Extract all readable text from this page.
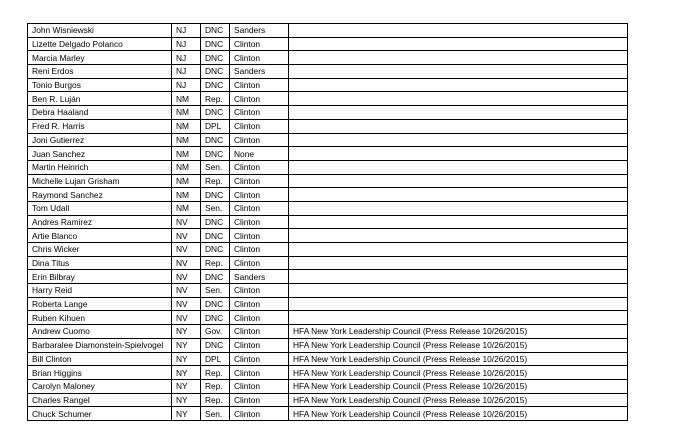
John Wisniewski	NJ	DNC	Sanders	
Lizette Delgado Polanco	NJ	DNC	Clinton	
Marcia Marley	NJ	DNC	Clinton	
Reni Erdos	NJ	DNC	Sanders	
Tonio Burgos	NJ	DNC	Clinton	
Ben R. Luján	NM	Rep.	Clinton	
Debra Haaland	NM	DNC	Clinton	
Fred R. Harris	NM	DPL	Clinton	
Joni Gutierrez	NM	DNC	Clinton	
Juan Sanchez	NM	DNC	None	
Martin Heinrich	NM	Sen.	Clinton	
Michelle Lujan Grisham	NM	Rep.	Clinton	
Raymond Sanchez	NM	DNC	Clinton	
Tom Udall	NM	Sen.	Clinton	
Andres Ramirez	NV	DNC	Clinton	
Artie Blanco	NV	DNC	Clinton	
Chris Wicker	NV	DNC	Clinton	
Dina Titus	NV	Rep.	Clinton	
Erin Bilbray	NV	DNC	Sanders	
Harry Reid	NV	Sen.	Clinton	
Roberta Lange	NV	DNC	Clinton	
Ruben Kihuen	NV	DNC	Clinton	
Andrew Cuomo	NY	Gov.	Clinton	HFA New York Leadership Council (Press Release 10/26/2015)
Barbaralee Diamonstein-Spielvogel	NY	DNC	Clinton	HFA New York Leadership Council (Press Release 10/26/2015)
Bill Clinton	NY	DPL	Clinton	HFA New York Leadership Council (Press Release 10/26/2015)
Brian Higgins	NY	Rep.	Clinton	HFA New York Leadership Council (Press Release 10/26/2015)
Carolyn Maloney	NY	Rep.	Clinton	HFA New York Leadership Council (Press Release 10/26/2015)
Charles Rangel	NY	Rep.	Clinton	HFA New York Leadership Council (Press Release 10/26/2015)
Chuck Schumer	NY	Sen.	Clinton	HFA New York Leadership Council (Press Release 10/26/2015)
